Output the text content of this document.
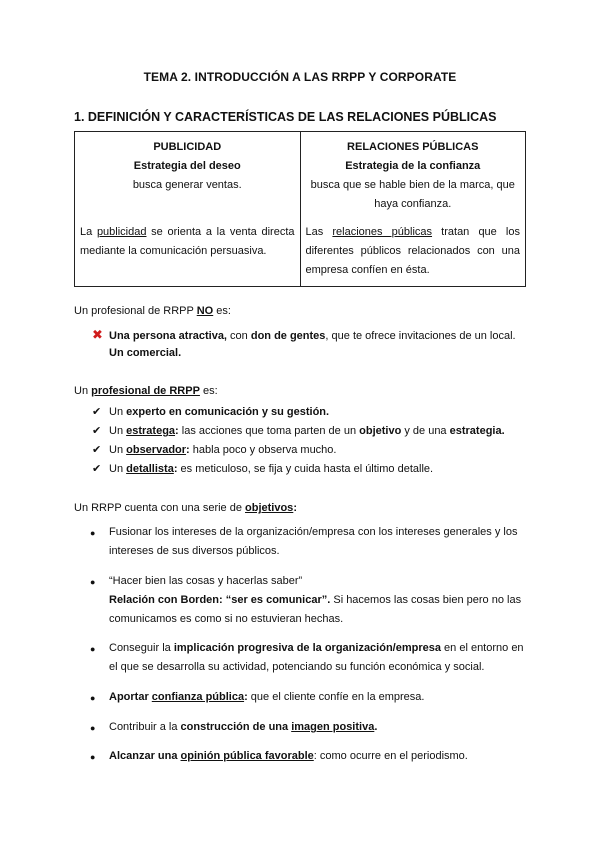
TEMA 2. INTRODUCCIÓN A LAS RRPP Y CORPORATE
1. DEFINICIÓN Y CARACTERÍSTICAS DE LAS RELACIONES PÚBLICAS
PUBLICIDAD
Estrategia del deseo
busca generar ventas.
La publicidad se orienta a la venta directa mediante la comunicación persuasiva.

RELACIONES PÚBLICAS
Estrategia de la confianza
busca que se hable bien de la marca, que haya confianza.
Las relaciones públicas tratan que los diferentes públicos relacionados con una empresa confíen en ésta.
Un profesional de RRPP NO es:
✖ Una persona atractiva, con don de gentes, que te ofrece invitaciones de un local.
Un comercial.
Un profesional de RRPP es:
✔ Un experto en comunicación y su gestión.
✔ Un estratega: las acciones que toma parten de un objetivo y de una estrategia.
✔ Un observador: habla poco y observa mucho.
✔ Un detallista: es meticuloso, se fija y cuida hasta el último detalle.
Un RRPP cuenta con una serie de objetivos:
● Fusionar los intereses de la organización/empresa con los intereses generales y los intereses de sus diversos públicos.
● “Hacer bien las cosas y hacerlas saber”
Relación con Borden: “ser es comunicar”. Si hacemos las cosas bien pero no las comunicamos es como si no estuvieran hechas.
● Conseguir la implicación progresiva de la organización/empresa en el entorno en el que se desarrolla su actividad, potenciando su función económica y social.
● Aportar confianza pública: que el cliente confíe en la empresa.
● Contribuir a la construcción de una imagen positiva.
● Alcanzar una opinión pública favorable: como ocurre en el periodismo.
